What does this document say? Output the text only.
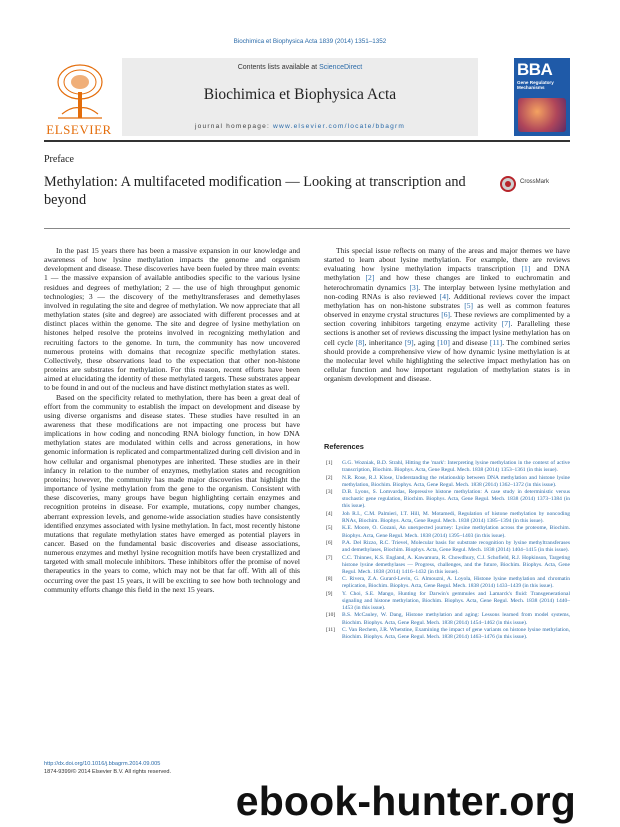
Biochimica et Biophysica Acta 1839 (2014) 1351–1352
ELSEVIER
Contents lists available at ScienceDirect
Biochimica et Biophysica Acta
journal homepage: www.elsevier.com/locate/bbagrm
BBA
Gene Regulatory Mechanisms
Preface
Methylation: A multifaceted modification — Looking at transcription and beyond
CrossMark

In the past 15 years there has been a massive expansion in our knowledge and awareness of how lysine methylation impacts the genome and organism development and disease. These discoveries have been fueled by three main events: 1 — the massive expansion of available antibodies specific to the various lysine residues and degrees of methylation; 2 — the use of high throughput genomic technologies; 3 — the discovery of the methyltransferases and demethylases involved in regulating the site and degree of methylation. We now appreciate that all methylation states (site and degree) are associated with different processes and at distinct places within the genome. The site and degree of lysine methylation on histones helped resolve the proteins involved in recognizing methylation and recruiting factors to the genome. In turn, the community has now uncovered numerous proteins with domains that recognize specific methylation states. Collectively, these observations lead to the expectation that other non-histone proteins are substrates for methylation. For this reason, recent efforts have been aimed at elucidating the identity of these methylated targets. These substrates appear to be found in and out of the nucleus and have distinct methylation states as well.

Based on the specificity related to methylation, there has been a great deal of effort from the community to establish the impact on development and disease by using diverse organisms and disease states. These studies have resulted in an awareness that these modifications are not impacting one process but have implications in how coding and noncoding RNA biology function, in how DNA methylation states are modulated within cells and across generations, in how genomic information is replicated and compartmentalized during cell division and in how cellular and organismal phenotypes are inherited. These studies are in their infancy in relation to the number of enzymes, methylation states and recognition proteins; however, the community has made major discoveries that highlight the importance of lysine methylation from the gene to the organism. Consistent with these discoveries, many groups have begun highlighting certain enzymes and recognition proteins in disease. For example, mutations, copy number changes, aberrant expression levels, and genome-wide association studies have consistently identified enzymes associated with lysine methylation. In fact, most recently histone mutations that regulate methylation states have emerged as potential players in cancer. Based on the fundamental basic discoveries and disease associations, numerous enzymes and methyl lysine recognition motifs have been crystallized and targeted with small molecule inhibitors. These inhibitors offer the promise of novel therapeutics in the years to come, which may not be that far off. With all of this occurring over the past 15 years, it will be exciting to see how both technology and community efforts change this field in the next 15 years.

This special issue reflects on many of the areas and major themes we have started to learn about lysine methylation. For example, there are reviews evaluating how lysine methylation impacts transcription [1] and DNA methylation [2] and how these changes are linked to euchromatin and heterochromatin dynamics [3]. The interplay between lysine methylation and non-coding RNAs is also reviewed [4]. Additional reviews cover the impact methylation has on non-histone substrates [5] as well as common features observed in enzyme crystal structures [6]. These reviews are complimented by a section covering inhibitors targeting enzyme activity [7]. Paralleling these sections is another set of reviews discussing the impact lysine methylation has on cell cycle [8], inheritance [9], aging [10] and disease [11]. The combined series should provide a comprehensive view of how dynamic lysine methylation is at the molecular level while highlighting the selective impact methylation has on cellular function and how important regulation of methylation states is in organism development and disease.

References
[1] G.G. Wozniak, B.D. Strahl, Hitting the 'mark': Interpreting lysine methylation in the context of active transcription, Biochim. Biophys. Acta, Gene Regul. Mech. 1838 (2014) 1353–1361 (in this issue).
[2] N.R. Rose, R.J. Klose, Understanding the relationship between DNA methylation and histone lysine methylation, Biochim. Biophys. Acta, Gene Regul. Mech. 1838 (2014) 1362–1372 (in this issue).
[3] D.B. Lyons, S. Lomvardas, Repressive histone methylation: A case study in deterministic versus stochastic gene regulation, Biochim. Biophys. Acta, Gene Regul. Mech. 1838 (2014) 1373–1384 (in this issue).
[4] Joh R.I., C.M. Palmieri, I.T. Hill, M. Motamedi, Regulation of histone methylation by noncoding RNAs, Biochim. Biophys. Acta, Gene Regul. Mech. 1838 (2014) 1385–1394 (in this issue).
[5] K.E. Moore, O. Gozani, An unexpected journey: Lysine methylation across the proteome, Biochim. Biophys. Acta, Gene Regul. Mech. 1838 (2014) 1395–1403 (in this issue).
[6] P.A. Del Rizzo, R.C. Trievel, Molecular basis for substrate recognition by lysine methyltransferases and demethylases, Biochim. Biophys. Acta, Gene Regul. Mech. 1838 (2014) 1404–1415 (in this issue).
[7] C.C. Thinnes, K.S. England, A. Kawamura, R. Chowdhury, C.J. Schofield, R.J. Hopkinson, Targeting histone lysine demethylases — Progress, challenges, and the future, Biochim. Biophys. Acta, Gene Regul. Mech. 1838 (2014) 1416–1432 (in this issue).
[8] C. Rivera, Z.A. Gurard-Levin, G. Almouzni, A. Loyola, Histone lysine methylation and chromatin replication, Biochim. Biophys. Acta, Gene Regul. Mech. 1838 (2014) 1433–1439 (in this issue).
[9] Y. Choi, S.E. Mango, Hunting for Darwin's gemmules and Lamarck's fluid: Transgenerational signaling and histone methylation, Biochim. Biophys. Acta, Gene Regul. Mech. 1838 (2014) 1440–1453 (in this issue).
[10] B.S. McCauley, W. Dang, Histone methylation and aging: Lessons learned from model systems, Biochim. Biophys. Acta, Gene Regul. Mech. 1838 (2014) 1454–1462 (in this issue).
[11] C. Van Rechem, J.R. Whetstine, Examining the impact of gene variants on histone lysine methylation, Biochim. Biophys. Acta, Gene Regul. Mech. 1838 (2014) 1463–1476 (in this issue).
http://dx.doi.org/10.1016/j.bbagrm.2014.09.005
1874-9399/© 2014 Elsevier B.V. All rights reserved.
ebook-hunter.org
